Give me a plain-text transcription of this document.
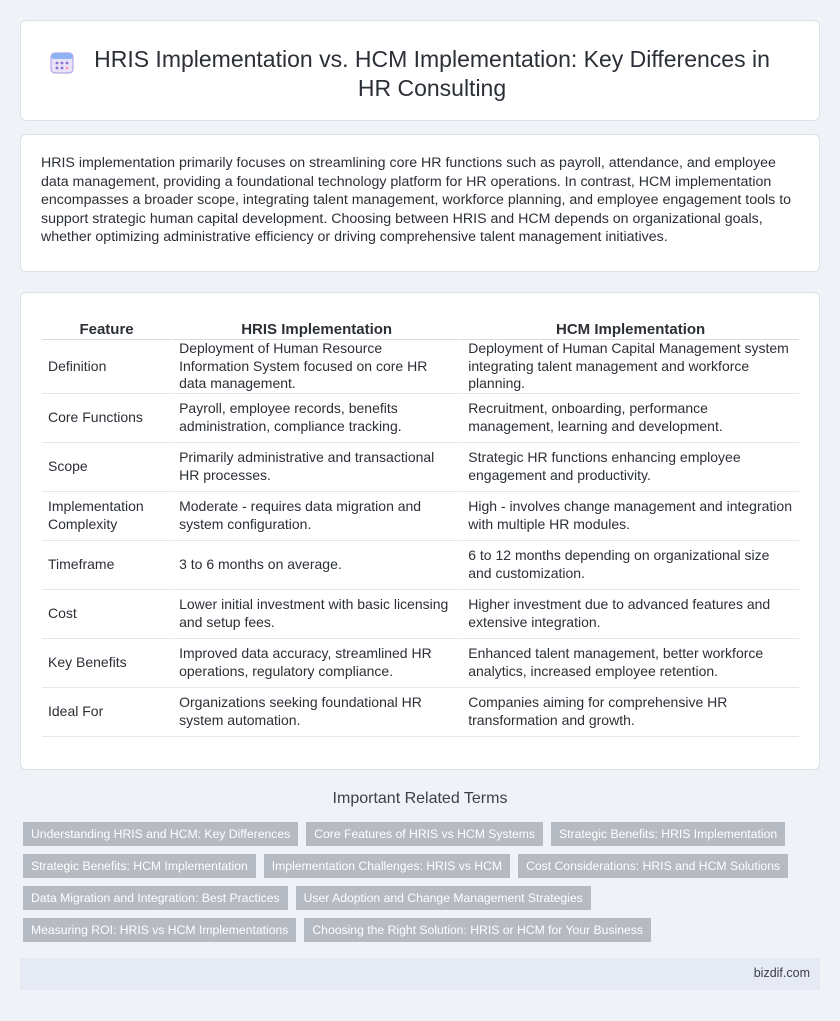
HRIS Implementation vs. HCM Implementation: Key Differences in HR Consulting

HRIS implementation primarily focuses on streamlining core HR functions such as payroll, attendance, and employee data management, providing a foundational technology platform for HR operations. In contrast, HCM implementation encompasses a broader scope, integrating talent management, workforce planning, and employee engagement tools to support strategic human capital development. Choosing between HRIS and HCM depends on organizational goals, whether optimizing administrative efficiency or driving comprehensive talent management initiatives.

Feature	HRIS Implementation	HCM Implementation
Definition	Deployment of Human Resource Information System focused on core HR data management.	Deployment of Human Capital Management system integrating talent management and workforce planning.
Core Functions	Payroll, employee records, benefits administration, compliance tracking.	Recruitment, onboarding, performance management, learning and development.
Scope	Primarily administrative and transactional HR processes.	Strategic HR functions enhancing employee engagement and productivity.
Implementation Complexity	Moderate - requires data migration and system configuration.	High - involves change management and integration with multiple HR modules.
Timeframe	3 to 6 months on average.	6 to 12 months depending on organizational size and customization.
Cost	Lower initial investment with basic licensing and setup fees.	Higher investment due to advanced features and extensive integration.
Key Benefits	Improved data accuracy, streamlined HR operations, regulatory compliance.	Enhanced talent management, better workforce analytics, increased employee retention.
Ideal For	Organizations seeking foundational HR system automation.	Companies aiming for comprehensive HR transformation and growth.
Important Related Terms
Understanding HRIS and HCM: Key Differences	Core Features of HRIS vs HCM Systems	Strategic Benefits: HRIS Implementation
Strategic Benefits: HCM Implementation	Implementation Challenges: HRIS vs HCM	Cost Considerations: HRIS and HCM Solutions
Data Migration and Integration: Best Practices	User Adoption and Change Management Strategies
Measuring ROI: HRIS vs HCM Implementations	Choosing the Right Solution: HRIS or HCM for Your Business
bizdif.com
